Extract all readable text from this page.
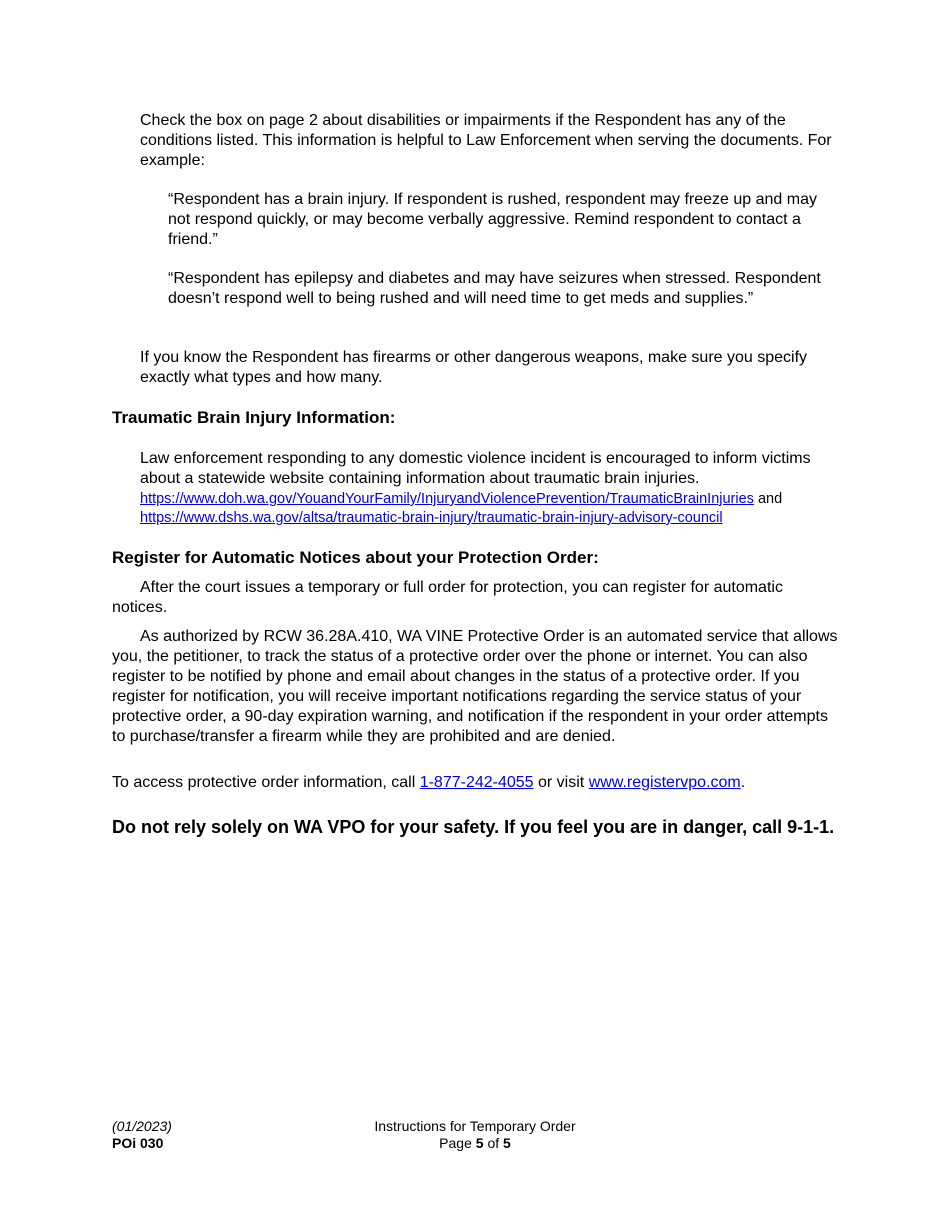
Check the box on page 2 about disabilities or impairments if the Respondent has any of the conditions listed. This information is helpful to Law Enforcement when serving the documents. For example:

“Respondent has a brain injury. If respondent is rushed, respondent may freeze up and may not respond quickly, or may become verbally aggressive. Remind respondent to contact a friend.”

“Respondent has epilepsy and diabetes and may have seizures when stressed. Respondent doesn’t respond well to being rushed and will need time to get meds and supplies.”

If you know the Respondent has firearms or other dangerous weapons, make sure you specify exactly what types and how many.

Traumatic Brain Injury Information:

Law enforcement responding to any domestic violence incident is encouraged to inform victims about a statewide website containing information about traumatic brain injuries.

https://www.doh.wa.gov/YouandYourFamily/InjuryandViolencePrevention/TraumaticBrainInjuries and
https://www.dshs.wa.gov/altsa/traumatic-brain-injury/traumatic-brain-injury-advisory-council
Register for Automatic Notices about your Protection Order:

After the court issues a temporary or full order for protection, you can register for automatic notices.

As authorized by RCW 36.28A.410, WA VINE Protective Order is an automated service that allows you, the petitioner, to track the status of a protective order over the phone or internet. You can also register to be notified by phone and email about changes in the status of a protective order. If you register for notification, you will receive important notifications regarding the service status of your protective order, a 90-day expiration warning, and notification if the respondent in your order attempts to purchase/transfer a firearm while they are prohibited and are denied.

To access protective order information, call 1-877-242-4055 or visit www.registervpo.com.

Do not rely solely on WA VPO for your safety. If you feel you are in danger, call 9-1-1.

(01/2023)
POi 030
Instructions for Temporary Order
Page 5 of 5
